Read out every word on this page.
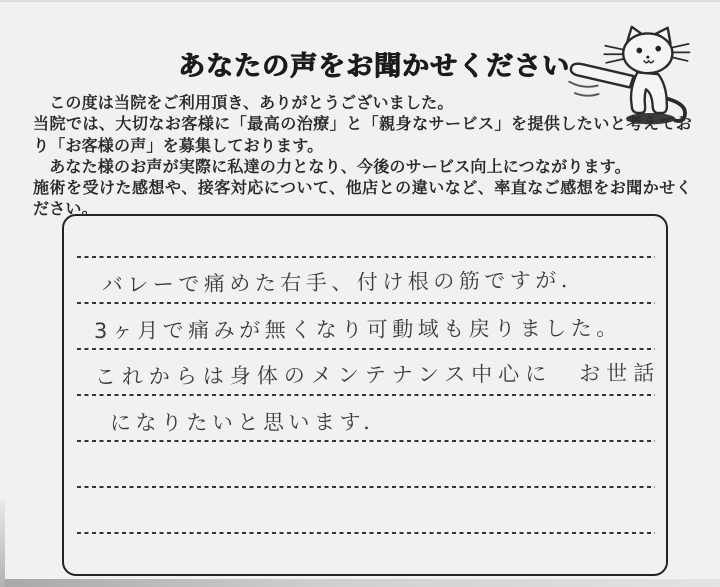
あなたの声をお聞かせください

　この度は当院をご利用頂き、ありがとうございました。

当院では、大切なお客様に「最高の治療」と「親身なサービス」を提供したいと考えており「お客様の声」を募集しております。

　あなた様のお声が実際に私達の力となり、今後のサービス向上につながります。

施術を受けた感想や、接客対応について、他店との違いなど、率直なご感想をお聞かせください。

バレーで痛めた右手、付け根の筋ですが．
3ヶ月で痛みが無くなり可動域も戻りました。
これからは身体のメンテナンス中心に　お世話
になりたいと思います．
